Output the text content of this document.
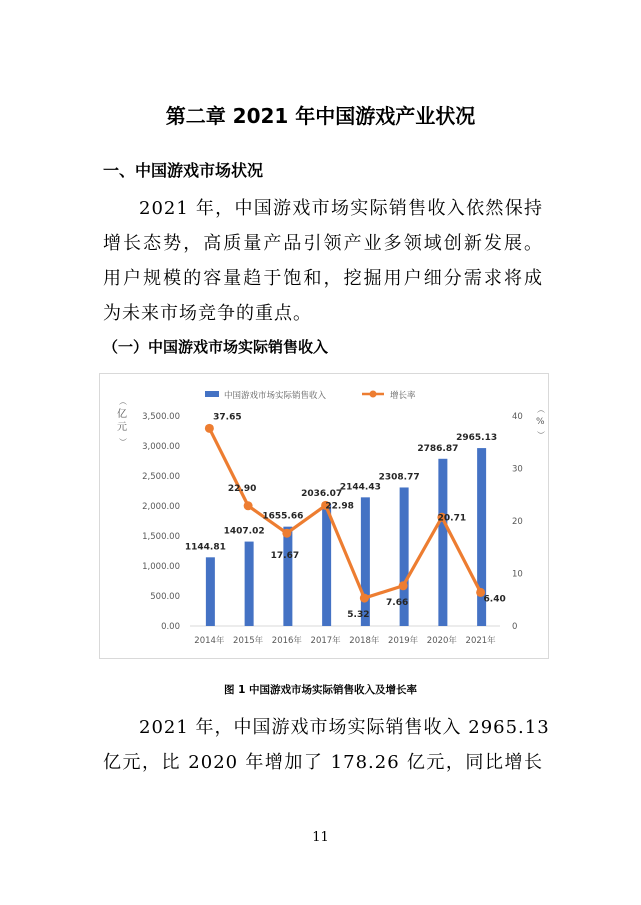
第二章 2021 年中国游戏产业状况
一、中国游戏市场状况
2021 年，中国游戏市场实际销售收入依然保持
增长态势，高质量产品引领产业多领域创新发展。
用户规模的容量趋于饱和，挖掘用户细分需求将成
为未来市场竞争的重点。
（一）中国游戏市场实际销售收入
中国游戏市场实际销售收入	增长率
︵
亿
元
︶
︵
%
︶
0.00
500.00
1,000.00
1,500.00
2,000.00
2,500.00
3,000.00
3,500.00
0
10
20
30
40
2014年 2015年 2016年 2017年 2018年 2019年 2020年 2021年
1144.81
1407.02
1655.66
2036.07
2144.43
2308.77
2786.87
2965.13
37.65
22.90
17.67
22.98
5.32
7.66
20.71
6.40
图 1 中国游戏市场实际销售收入及增长率
2021 年，中国游戏市场实际销售收入 2965.13
亿元，比 2020 年增加了 178.26 亿元，同比增长
11
